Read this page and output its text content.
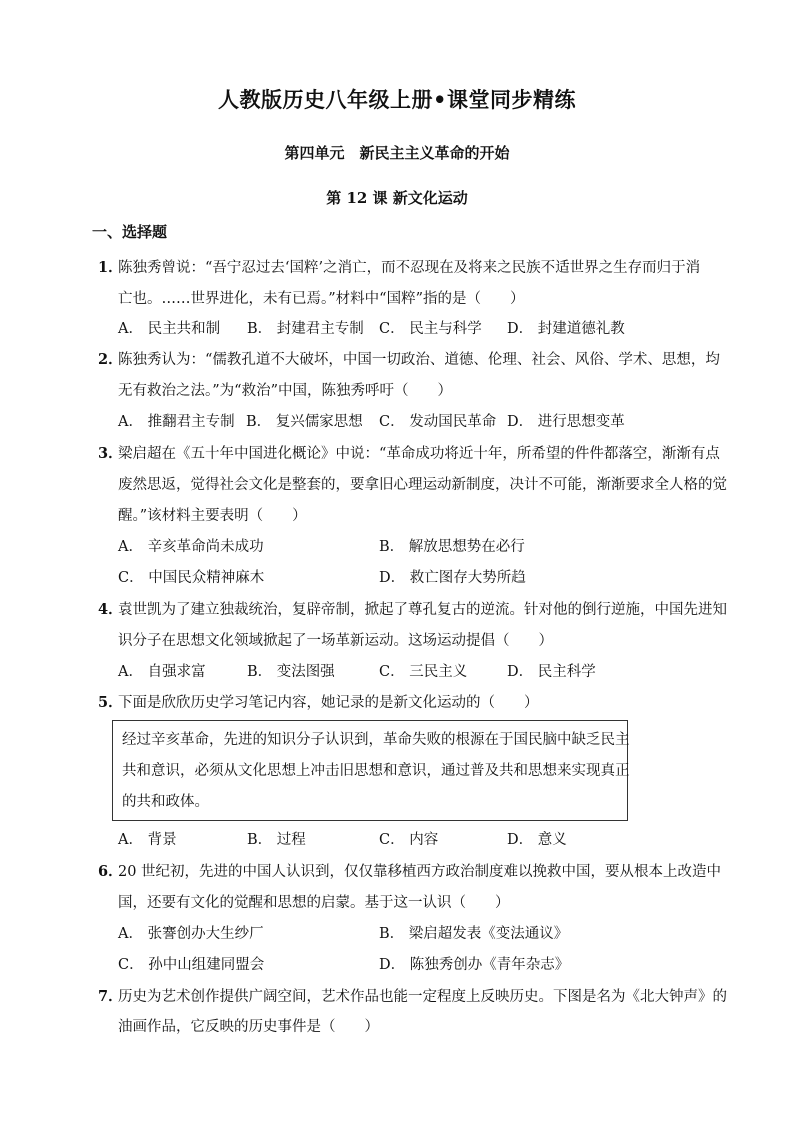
人教版历史八年级上册•课堂同步精练
第四单元　新民主主义革命的开始
第 12 课 新文化运动
一、选择题
1．
陈独秀曾说：“吾宁忍过去‘国粹’之消亡，而不忍现在及将来之民族不适世界之生存而归于消
亡也。……世界进化，未有已焉。”材料中“国粹”指的是（　　）
A． 民主共和制 B． 封建君主专制 C． 民主与科学 D． 封建道德礼教
2．
陈独秀认为：“儒教孔道不大破坏，中国一切政治、道德、伦理、社会、风俗、学术、思想，均
无有救治之法。”为“救治”中国，陈独秀呼吁（　　）
A． 推翻君主专制 B． 复兴儒家思想 C． 发动国民革命 D． 进行思想变革
3．
梁启超在《五十年中国进化概论》中说：“革命成功将近十年，所希望的件件都落空，渐渐有点
废然思返，觉得社会文化是整套的，要拿旧心理运动新制度，决计不可能，渐渐要求全人格的觉
醒。”该材料主要表明（　　）
A． 辛亥革命尚未成功	B． 解放思想势在必行
C． 中国民众精神麻木	D． 救亡图存大势所趋
4．
袁世凯为了建立独裁统治，复辟帝制，掀起了尊孔复古的逆流。针对他的倒行逆施，中国先进知
识分子在思想文化领域掀起了一场革新运动。这场运动提倡（　　）
A． 自强求富	B． 变法图强	C． 三民主义	D． 民主科学
5．
下面是欣欣历史学习笔记内容，她记录的是新文化运动的（　　）
经过辛亥革命，先进的知识分子认识到，革命失败的根源在于国民脑中缺乏民主
共和意识，必须从文化思想上冲击旧思想和意识，通过普及共和思想来实现真正
的共和政体。
A． 背景	B． 过程	C． 内容	D． 意义
6．
20 世纪初，先进的中国人认识到，仅仅靠移植西方政治制度难以挽救中国，要从根本上改造中
国，还要有文化的觉醒和思想的启蒙。基于这一认识（　　）
A． 张謇创办大生纱厂	B． 梁启超发表《变法通议》
C． 孙中山组建同盟会	D． 陈独秀创办《青年杂志》
7．
历史为艺术创作提供广阔空间，艺术作品也能一定程度上反映历史。下图是名为《北大钟声》的
油画作品，它反映的历史事件是（　　）
